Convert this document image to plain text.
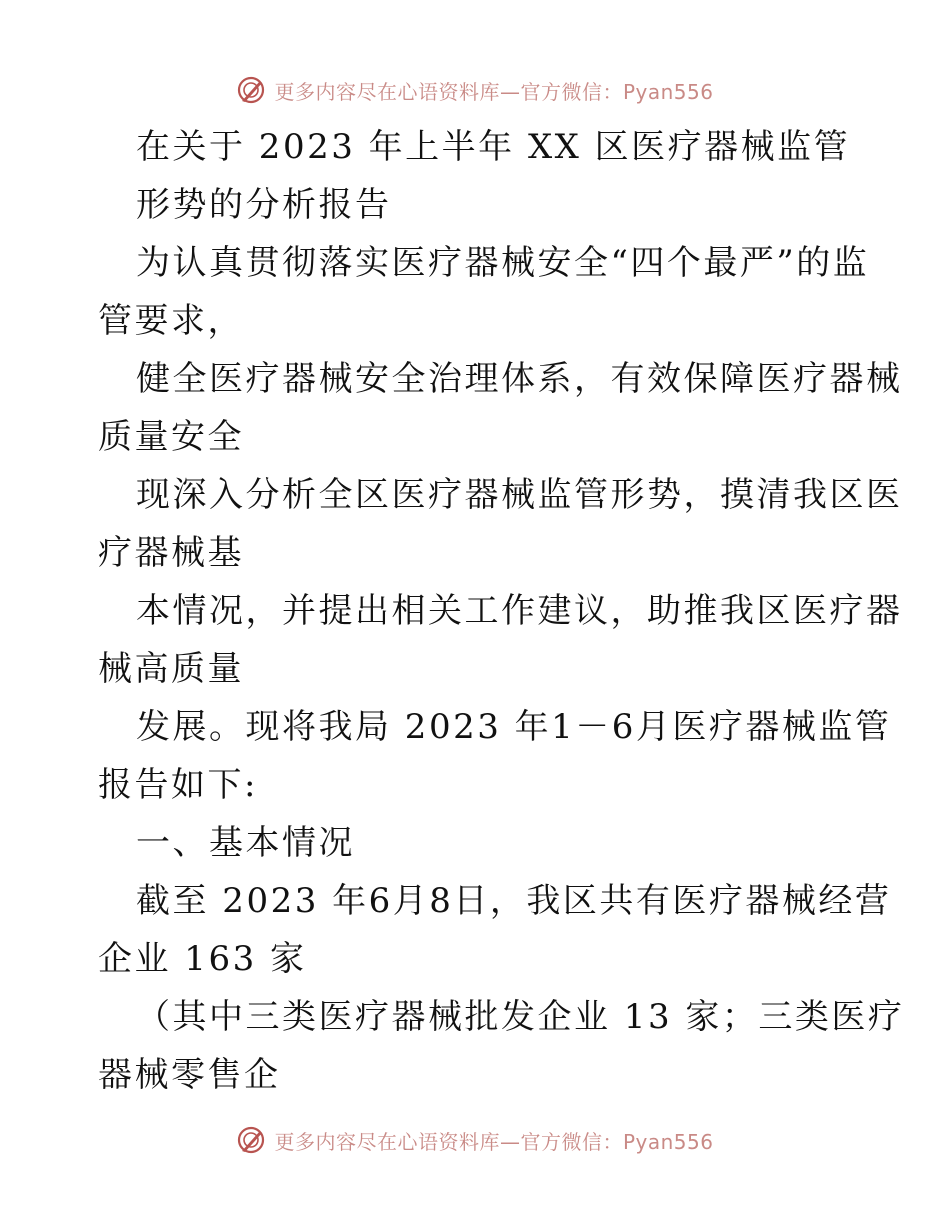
更多内容尽在心语资料库—官方微信：Pyan556
在关于 2023 年上半年 XX 区医疗器械监管
形势的分析报告
为认真贯彻落实医疗器械安全“四个最严”的监
管要求，
健全医疗器械安全治理体系，有效保障医疗器械
质量安全
现深入分析全区医疗器械监管形势，摸清我区医
疗器械基
本情况，并提出相关工作建议，助推我区医疗器
械高质量
发展。现将我局 2023 年1－6月医疗器械监管
报告如下:
一、基本情况
截至 2023 年6月8日，我区共有医疗器械经营
企业 163 家
（其中三类医疗器械批发企业 13 家；三类医疗
器械零售企
更多内容尽在心语资料库—官方微信：Pyan556
